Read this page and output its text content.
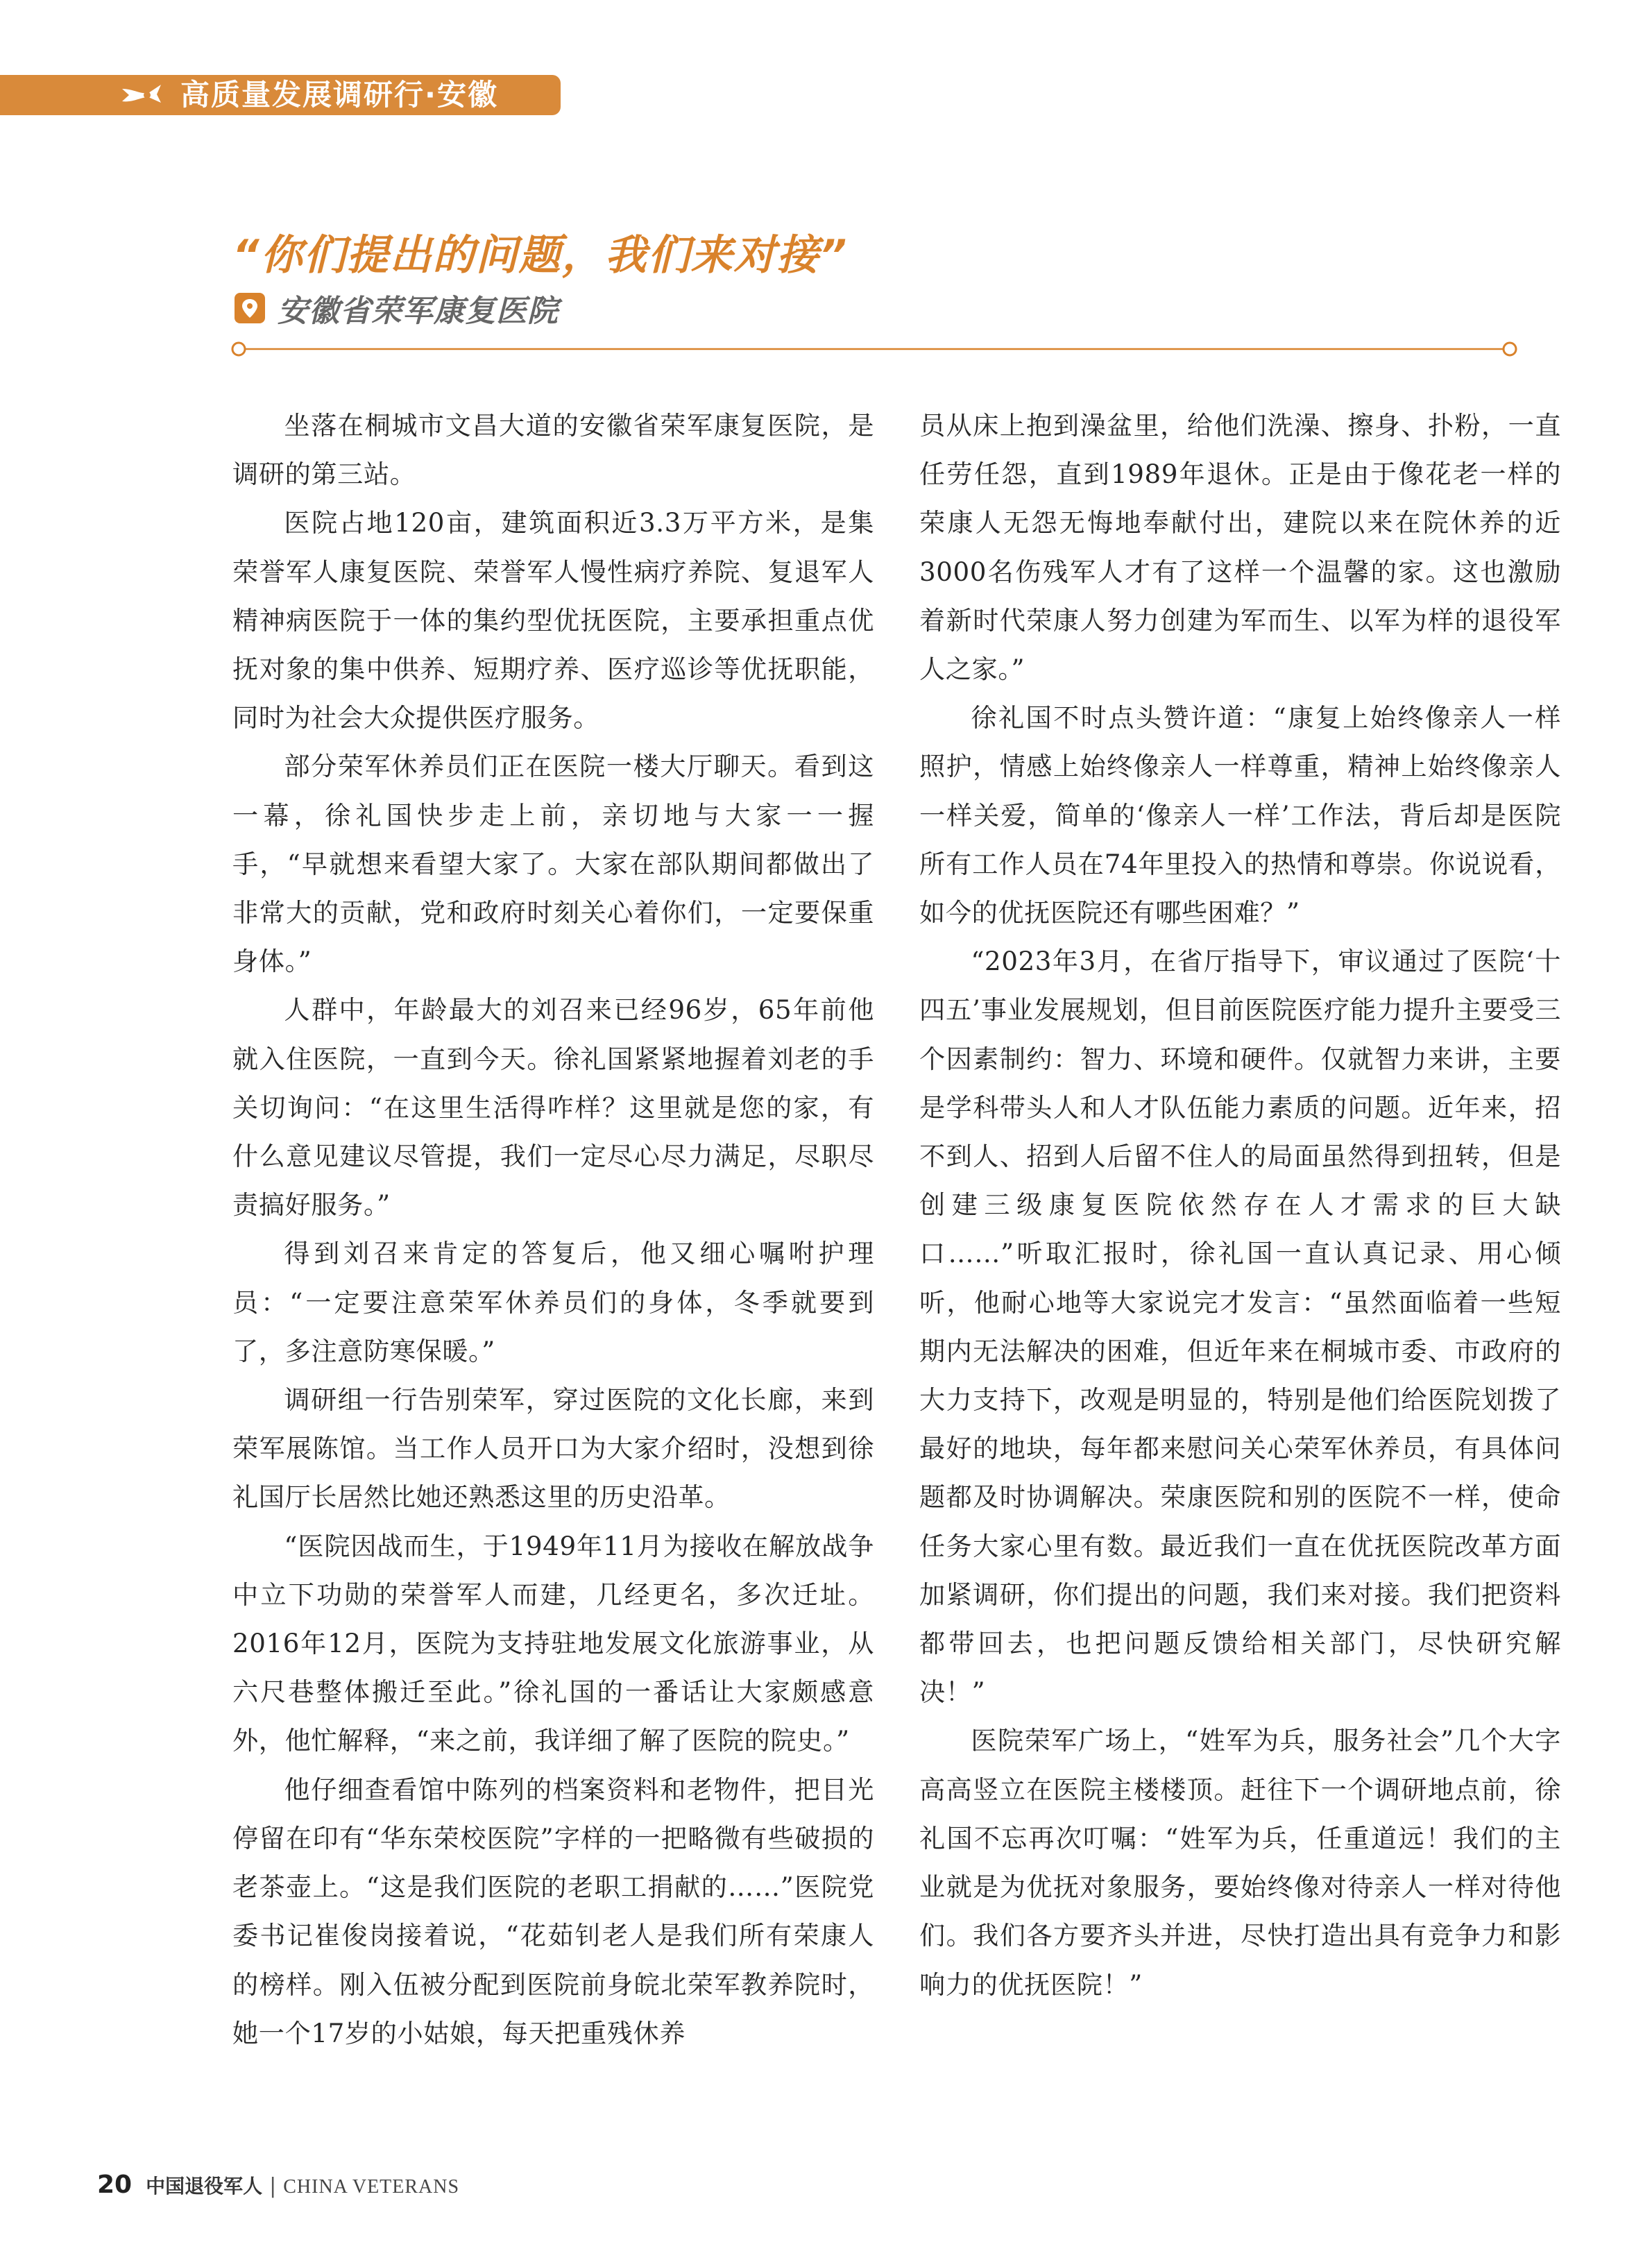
高质量发展调研行·安徽
“你们提出的问题，我们来对接”
安徽省荣军康复医院

坐落在桐城市文昌大道的安徽省荣军康复医院，是调研的第三站。

医院占地120亩，建筑面积近3.3万平方米，是集荣誉军人康复医院、荣誉军人慢性病疗养院、复退军人精神病医院于一体的集约型优抚医院，主要承担重点优抚对象的集中供养、短期疗养、医疗巡诊等优抚职能，同时为社会大众提供医疗服务。

部分荣军休养员们正在医院一楼大厅聊天。看到这一幕，徐礼国快步走上前，亲切地与大家一一握手，“早就想来看望大家了。大家在部队期间都做出了非常大的贡献，党和政府时刻关心着你们，一定要保重身体。”

人群中，年龄最大的刘召来已经96岁，65年前他就入住医院，一直到今天。徐礼国紧紧地握着刘老的手关切询问：“在这里生活得咋样？这里就是您的家，有什么意见建议尽管提，我们一定尽心尽力满足，尽职尽责搞好服务。”

得到刘召来肯定的答复后，他又细心嘱咐护理员：“一定要注意荣军休养员们的身体，冬季就要到了，多注意防寒保暖。”

调研组一行告别荣军，穿过医院的文化长廊，来到荣军展陈馆。当工作人员开口为大家介绍时，没想到徐礼国厅长居然比她还熟悉这里的历史沿革。

“医院因战而生，于1949年11月为接收在解放战争中立下功勋的荣誉军人而建，几经更名，多次迁址。2016年12月，医院为支持驻地发展文化旅游事业，从六尺巷整体搬迁至此。”徐礼国的一番话让大家颇感意外，他忙解释，“来之前，我详细了解了医院的院史。”

他仔细查看馆中陈列的档案资料和老物件，把目光停留在印有“华东荣校医院”字样的一把略微有些破损的老茶壶上。“这是我们医院的老职工捐献的……”医院党委书记崔俊岗接着说，“花茹钊老人是我们所有荣康人的榜样。刚入伍被分配到医院前身皖北荣军教养院时，她一个17岁的小姑娘，每天把重残休养

员从床上抱到澡盆里，给他们洗澡、擦身、扑粉，一直任劳任怨，直到1989年退休。正是由于像花老一样的荣康人无怨无悔地奉献付出，建院以来在院休养的近3000名伤残军人才有了这样一个温馨的家。这也激励着新时代荣康人努力创建为军而生、以军为样的退役军人之家。”

徐礼国不时点头赞许道：“康复上始终像亲人一样照护，情感上始终像亲人一样尊重，精神上始终像亲人一样关爱，简单的‘像亲人一样’工作法，背后却是医院所有工作人员在74年里投入的热情和尊崇。你说说看，如今的优抚医院还有哪些困难？”

“2023年3月，在省厅指导下，审议通过了医院‘十四五’事业发展规划，但目前医院医疗能力提升主要受三个因素制约：智力、环境和硬件。仅就智力来讲，主要是学科带头人和人才队伍能力素质的问题。近年来，招不到人、招到人后留不住人的局面虽然得到扭转，但是创建三级康复医院依然存在人才需求的巨大缺口……”听取汇报时，徐礼国一直认真记录、用心倾听，他耐心地等大家说完才发言：“虽然面临着一些短期内无法解决的困难，但近年来在桐城市委、市政府的大力支持下，改观是明显的，特别是他们给医院划拨了最好的地块，每年都来慰问关心荣军休养员，有具体问题都及时协调解决。荣康医院和别的医院不一样，使命任务大家心里有数。最近我们一直在优抚医院改革方面加紧调研，你们提出的问题，我们来对接。我们把资料都带回去，也把问题反馈给相关部门，尽快研究解决！”

医院荣军广场上，“姓军为兵，服务社会”几个大字高高竖立在医院主楼楼顶。赶往下一个调研地点前，徐礼国不忘再次叮嘱：“姓军为兵，任重道远！我们的主业就是为优抚对象服务，要始终像对待亲人一样对待他们。我们各方要齐头并进，尽快打造出具有竞争力和影响力的优抚医院！”

20 中国退役军人 | CHINA VETERANS
